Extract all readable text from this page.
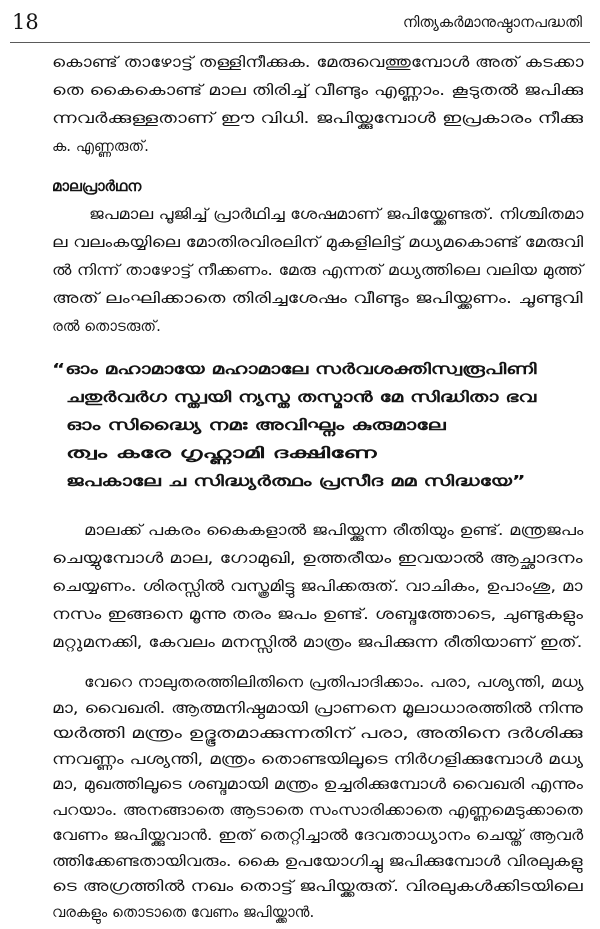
18	നിത്യകർമാനുഷ്ഠാനപദ്ധതി
കൊണ്ട് താഴോട്ട് തള്ളിനീക്കുക. മേരുവെത്തുമ്പോൾ അത് കടക്കാ
തെ കൈകൊണ്ട് മാല തിരിച്ച് വീണ്ടും എണ്ണാം. കൂടുതൽ ജപിക്കു
ന്നവർക്കുള്ളതാണ് ഈ വിധി. ജപിയ്ക്കുമ്പോൾ ഇപ്രകാരം നീക്കു
ക. എണ്ണരുത്.
മാലപ്രാർഥന
ജപമാല പൂജിച്ച് പ്രാർഥിച്ച ശേഷമാണ് ജപിയ്ക്കേണ്ടത്. നിശ്ചിതമാ
ല വലംകയ്യിലെ മോതിരവിരലിന് മുകളിലിട്ട് മധ്യമകൊണ്ട് മേരുവി
ൽ നിന്ന് താഴോട്ട് നീക്കണം. മേരു എന്നത് മധ്യത്തിലെ വലിയ മുത്ത്
അത് ലംഘിക്കാതെ തിരിച്ചശേഷം വീണ്ടും ജപിയ്ക്കണം. ചൂണ്ടുവി
രൽ തൊടരുത്.
“ഓം മഹാമായേ മഹാമാലേ സർവശക്തിസ്വരൂപിണി
ചതുർവർഗ സ്ത്വയി ന്യസ്ത തസ്മാൻ മേ സിദ്ധിതാ ഭവ
ഓം സിദ്ധ്യൈ നമഃ അവിഘ്നം കുരുമാലേ
ത്വം കരേ ഗൃഹ്ണാമി ദക്ഷിണേ
ജപകാലേ ച സിദ്ധ്യർത്ഥം പ്രസീദ മമ സിദ്ധയേ”
മാലക്ക് പകരം കൈകളാൽ ജപിയ്ക്കുന്ന രീതിയും ഉണ്ട്. മന്ത്രജപം
ചെയ്യുമ്പോൾ മാല, ഗോമുഖി, ഉത്തരീയം ഇവയാൽ ആച്ഛാദനം
ചെയ്യണം. ശിരസ്സിൽ വസ്ത്രമിട്ടു ജപിക്കരുത്. വാചികം, ഉപാംശു, മാ
നസം ഇങ്ങനെ മൂന്നു തരം ജപം ഉണ്ട്. ശബ്ദത്തോടെ, ചുണ്ടുകളും
മറ്റുമനക്കി, കേവലം മനസ്സിൽ മാത്രം ജപിക്കുന്ന രീതിയാണ് ഇത്.
വേറെ നാലുതരത്തിലിതിനെ പ്രതിപാദിക്കാം. പരാ, പശ്യന്തി, മധ്യ
മാ, വൈഖരി. ആത്മനിഷ്ഠമായി പ്രാണനെ മൂലാധാരത്തിൽ നിന്നു
യർത്തി മന്ത്രം ഉദ്ഭൂതമാക്കുന്നതിന് പരാ, അതിനെ ദർശിക്കു
ന്നവണ്ണം പശ്യന്തി, മന്ത്രം തൊണ്ടയിലൂടെ നിർഗളിക്കുമ്പോൾ മധ്യ
മാ, മുഖത്തിലൂടെ ശബ്ദമായി മന്ത്രം ഉച്ചരിക്കുമ്പോൾ വൈഖരി എന്നും
പറയാം. അനങ്ങാതെ ആടാതെ സംസാരിക്കാതെ എണ്ണമെടുക്കാതെ
വേണം ജപിയ്ക്കുവാൻ. ഇത് തെറ്റിച്ചാൽ ദേവതാധ്യാനം ചെയ്ത് ആവർ
ത്തിക്കേണ്ടതായിവരും. കൈ ഉപയോഗിച്ചു ജപിക്കുമ്പോൾ വിരലുകളു
ടെ അഗ്രത്തിൽ നഖം തൊട്ട് ജപിയ്ക്കരുത്. വിരലുകൾക്കിടയിലെ
വരകളും തൊടാതെ വേണം ജപിയ്ക്കാൻ.
